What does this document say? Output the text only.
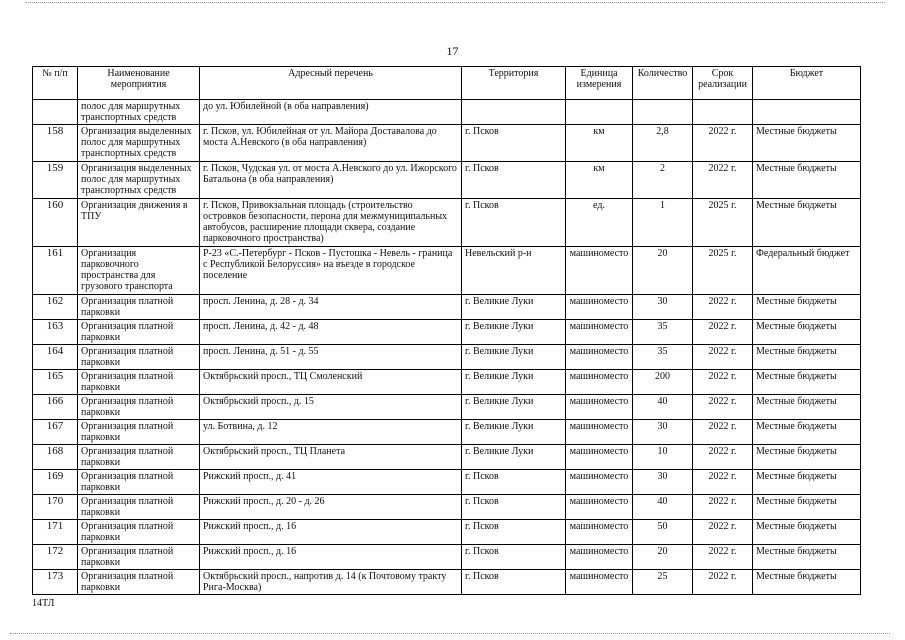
17
№ п/п	Наименование мероприятия	Адресный перечень	Территория	Единица измерения	Количество	Срок реализации	Бюджет
	полос для маршрутных транспортных средств	до ул. Юбилейной (в оба направления)					
158	Организация выделенных полос для маршрутных транспортных средств	г. Псков, ул. Юбилейная от ул. Майора Доставалова до моста А.Невского (в оба направления)	г. Псков	км	2,8	2022 г.	Местные бюджеты
159	Организация выделенных полос для маршрутных транспортных средств	г. Псков, Чудская ул. от моста А.Невского до ул. Ижорского Батальона (в оба направления)	г. Псков	км	2	2022 г.	Местные бюджеты
160	Организация движения в ТПУ	г. Псков, Привокзальная площадь (строительство островков безопасности, перона для межмуниципальных автобусов, расширение площади сквера, создание парковочного пространства)	г. Псков	ед.	1	2025 г.	Местные бюджеты
161	Организация парковочного пространства для грузового транспорта	Р-23 «С.-Петербург - Псков - Пустошка - Невель - граница с Республикой Белоруссия» на въезде в городское поселение	Невельский р-н	машиноместо	20	2025 г.	Федеральный бюджет
162	Организация платной парковки	просп. Ленина, д. 28 - д. 34	г. Великие Луки	машиноместо	30	2022 г.	Местные бюджеты
163	Организация платной парковки	просп. Ленина, д. 42 - д. 48	г. Великие Луки	машиноместо	35	2022 г.	Местные бюджеты
164	Организация платной парковки	просп. Ленина, д. 51 - д. 55	г. Великие Луки	машиноместо	35	2022 г.	Местные бюджеты
165	Организация платной парковки	Октябрьский просп., ТЦ Смоленский	г. Великие Луки	машиноместо	200	2022 г.	Местные бюджеты
166	Организация платной парковки	Октябрьский просп., д. 15	г. Великие Луки	машиноместо	40	2022 г.	Местные бюджеты
167	Организация платной парковки	ул. Ботвина, д. 12	г. Великие Луки	машиноместо	30	2022 г.	Местные бюджеты
168	Организация платной парковки	Октябрьский просп., ТЦ Планета	г. Великие Луки	машиноместо	10	2022 г.	Местные бюджеты
169	Организация платной парковки	Рижский просп., д. 41	г. Псков	машиноместо	30	2022 г.	Местные бюджеты
170	Организация платной парковки	Рижский просп., д. 20 - д. 26	г. Псков	машиноместо	40	2022 г.	Местные бюджеты
171	Организация платной парковки	Рижский просп., д. 16	г. Псков	машиноместо	50	2022 г.	Местные бюджеты
172	Организация платной парковки	Рижский просп., д. 16	г. Псков	машиноместо	20	2022 г.	Местные бюджеты
173	Организация платной парковки	Октябрьский просп., напротив д. 14 (к Почтовому тракту Рига-Москва)	г. Псков	машиноместо	25	2022 г.	Местные бюджеты
14ТЛ
